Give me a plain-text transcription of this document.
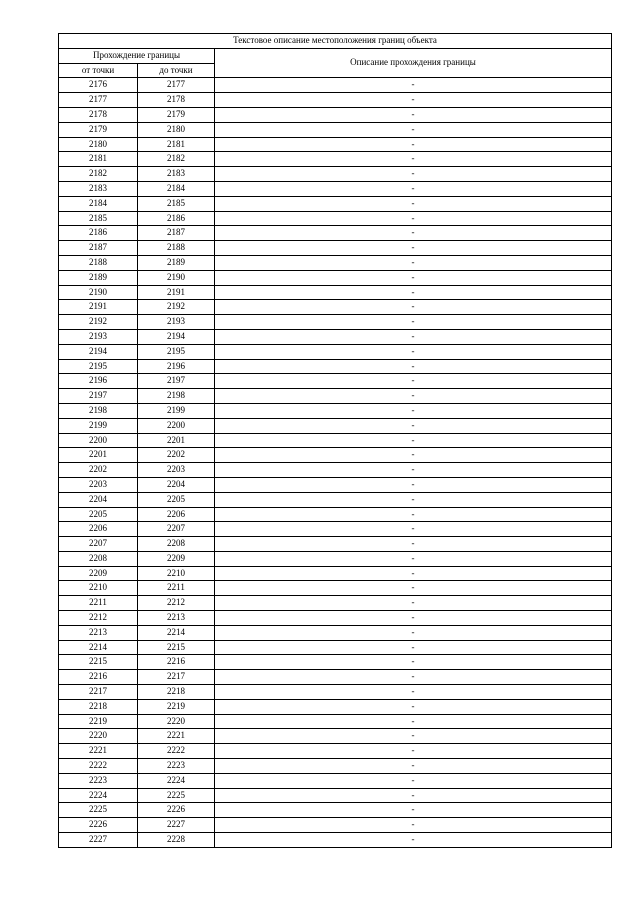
Текстовое описание местоположения границ объекта		
Прохождение границы		Описание прохождения границы
от точки	до точки	
2176	2177	-
2177	2178	-
2178	2179	-
2179	2180	-
2180	2181	-
2181	2182	-
2182	2183	-
2183	2184	-
2184	2185	-
2185	2186	-
2186	2187	-
2187	2188	-
2188	2189	-
2189	2190	-
2190	2191	-
2191	2192	-
2192	2193	-
2193	2194	-
2194	2195	-
2195	2196	-
2196	2197	-
2197	2198	-
2198	2199	-
2199	2200	-
2200	2201	-
2201	2202	-
2202	2203	-
2203	2204	-
2204	2205	-
2205	2206	-
2206	2207	-
2207	2208	-
2208	2209	-
2209	2210	-
2210	2211	-
2211	2212	-
2212	2213	-
2213	2214	-
2214	2215	-
2215	2216	-
2216	2217	-
2217	2218	-
2218	2219	-
2219	2220	-
2220	2221	-
2221	2222	-
2222	2223	-
2223	2224	-
2224	2225	-
2225	2226	-
2226	2227	-
2227	2228	-
